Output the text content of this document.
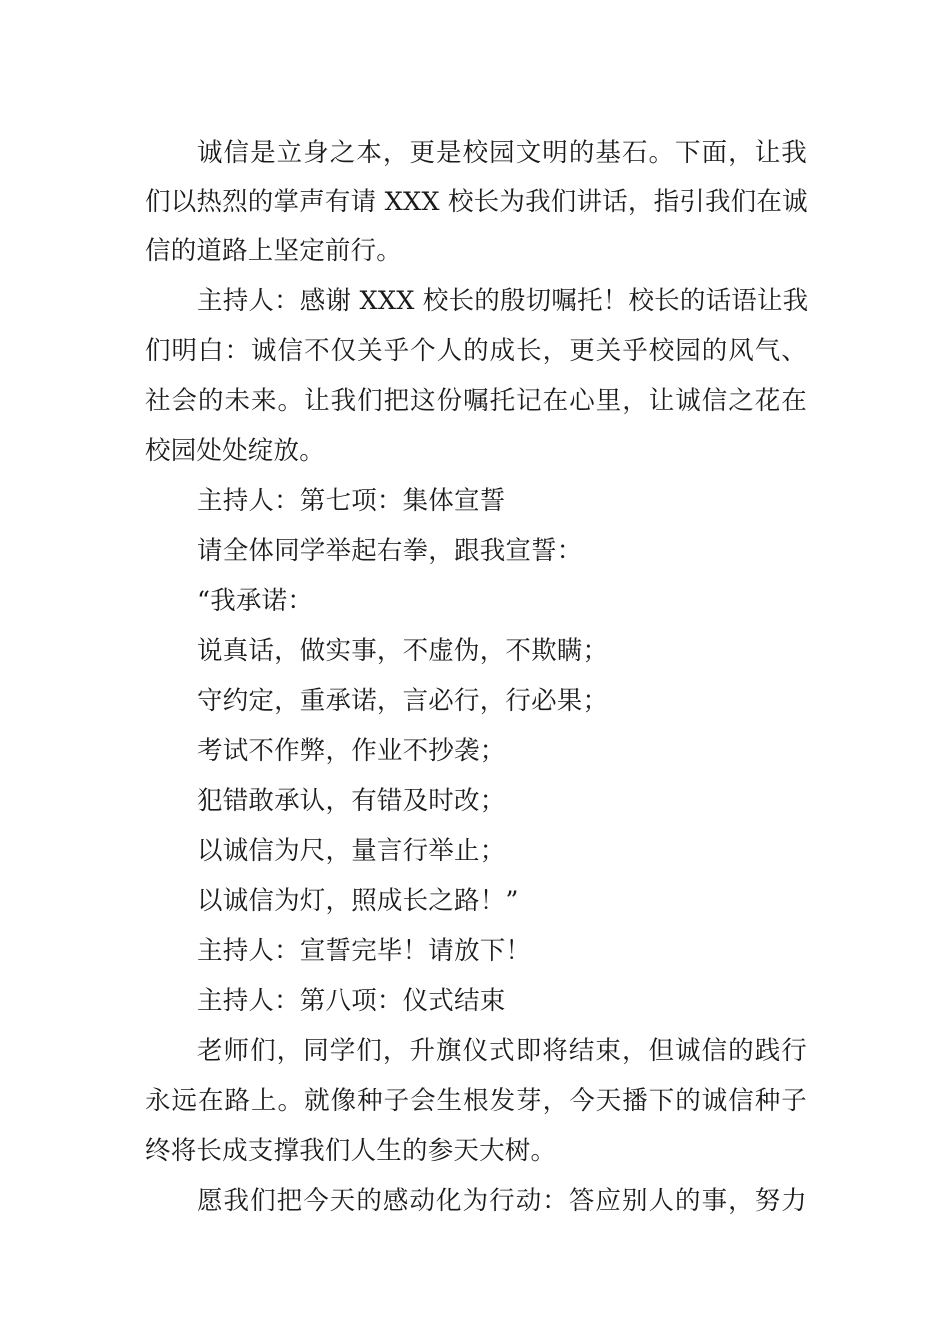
诚信是立身之本，更是校园文明的基石。下面，让我
们以热烈的掌声有请 XXX 校长为我们讲话，指引我们在诚
信的道路上坚定前行。
主持人：感谢 XXX 校长的殷切嘱托！校长的话语让我
们明白：诚信不仅关乎个人的成长，更关乎校园的风气、
社会的未来。让我们把这份嘱托记在心里，让诚信之花在
校园处处绽放。
主持人：第七项：集体宣誓
请全体同学举起右拳，跟我宣誓：
“我承诺：
说真话，做实事，不虚伪，不欺瞒；
守约定，重承诺，言必行，行必果；
考试不作弊，作业不抄袭；
犯错敢承认，有错及时改；
以诚信为尺，量言行举止；
以诚信为灯，照成长之路！”
主持人：宣誓完毕！请放下！
主持人：第八项：仪式结束
老师们，同学们，升旗仪式即将结束，但诚信的践行
永远在路上。就像种子会生根发芽，今天播下的诚信种子
终将长成支撑我们人生的参天大树。
愿我们把今天的感动化为行动：答应别人的事，努力
